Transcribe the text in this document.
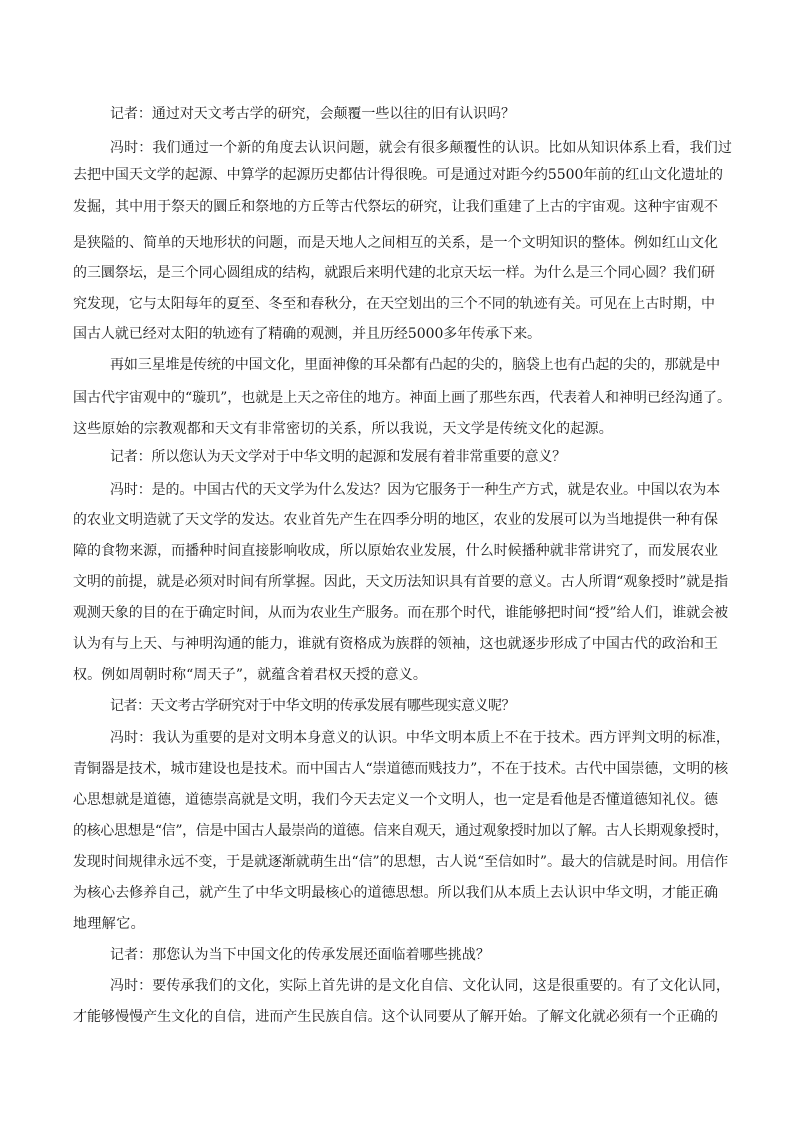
记者：通过对天文考古学的研究，会颠覆一些以往的旧有认识吗？
冯时：我们通过一个新的角度去认识问题，就会有很多颠覆性的认识。比如从知识体系上看，我们过
去把中国天文学的起源、中算学的起源历史都估计得很晚。可是通过对距今约5500年前的红山文化遗址的
发掘，其中用于祭天的圜丘和祭地的方丘等古代祭坛的研究，让我们重建了上古的宇宙观。这种宇宙观不
是狭隘的、简单的天地形状的问题，而是天地人之间相互的关系，是一个文明知识的整体。例如红山文化
的三圜祭坛，是三个同心圆组成的结构，就跟后来明代建的北京天坛一样。为什么是三个同心圆？我们研
究发现，它与太阳每年的夏至、冬至和春秋分，在天空划出的三个不同的轨迹有关。可见在上古时期，中
国古人就已经对太阳的轨迹有了精确的观测，并且历经5000多年传承下来。
再如三星堆是传统的中国文化，里面神像的耳朵都有凸起的尖的，脑袋上也有凸起的尖的，那就是中
国古代宇宙观中的“璇玑”，也就是上天之帝住的地方。神面上画了那些东西，代表着人和神明已经沟通了。
这些原始的宗教观都和天文有非常密切的关系，所以我说，天文学是传统文化的起源。
记者：所以您认为天文学对于中华文明的起源和发展有着非常重要的意义？
冯时：是的。中国古代的天文学为什么发达？因为它服务于一种生产方式，就是农业。中国以农为本
的农业文明造就了天文学的发达。农业首先产生在四季分明的地区，农业的发展可以为当地提供一种有保
障的食物来源，而播种时间直接影响收成，所以原始农业发展，什么时候播种就非常讲究了，而发展农业
文明的前提，就是必须对时间有所掌握。因此，天文历法知识具有首要的意义。古人所谓“观象授时”就是指
观测天象的目的在于确定时间，从而为农业生产服务。而在那个时代，谁能够把时间“授”给人们，谁就会被
认为有与上天、与神明沟通的能力，谁就有资格成为族群的领袖，这也就逐步形成了中国古代的政治和王
权。例如周朝时称“周天子”，就蕴含着君权天授的意义。
记者：天文考古学研究对于中华文明的传承发展有哪些现实意义呢？
冯时：我认为重要的是对文明本身意义的认识。中华文明本质上不在于技术。西方评判文明的标准，
青铜器是技术，城市建设也是技术。而中国古人“崇道德而贱技力”，不在于技术。古代中国崇德，文明的核
心思想就是道德，道德崇高就是文明，我们今天去定义一个文明人，也一定是看他是否懂道德知礼仪。德
的核心思想是“信”，信是中国古人最崇尚的道德。信来自观天，通过观象授时加以了解。古人长期观象授时，
发现时间规律永远不变，于是就逐渐就萌生出“信”的思想，古人说“至信如时”。最大的信就是时间。用信作
为核心去修养自己，就产生了中华文明最核心的道德思想。所以我们从本质上去认识中华文明，才能正确
地理解它。
记者：那您认为当下中国文化的传承发展还面临着哪些挑战？
冯时：要传承我们的文化，实际上首先讲的是文化自信、文化认同，这是很重要的。有了文化认同，
才能够慢慢产生文化的自信，进而产生民族自信。这个认同要从了解开始。了解文化就必须有一个正确的
